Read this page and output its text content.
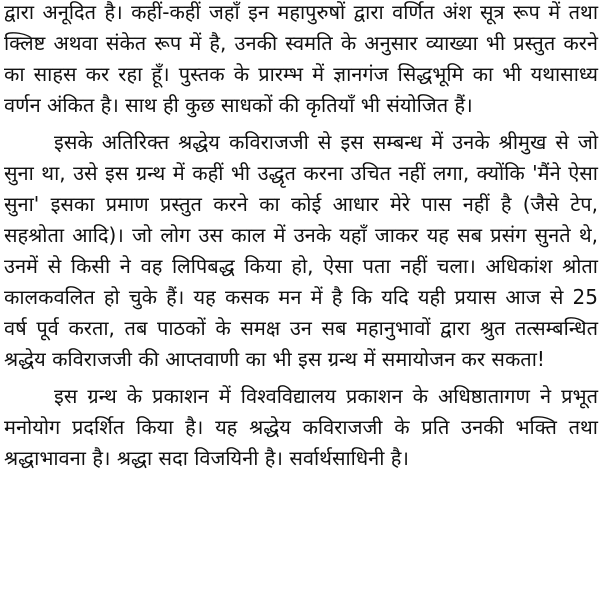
द्वारा अनूदित है। कहीं-कहीं जहाँ इन महापुरुषों द्वारा वर्णित अंश सूत्र रूप में तथा
क्लिष्ट अथवा संकेत रूप में है, उनकी स्वमति के अनुसार व्याख्या भी प्रस्तुत करने
का साहस कर रहा हूँ। पुस्तक के प्रारम्भ में ज्ञानगंज सिद्धभूमि का भी यथासाध्य
वर्णन अंकित है। साथ ही कुछ साधकों की कृतियाँ भी संयोजित हैं।
इसके अतिरिक्त श्रद्धेय कविराजजी से इस सम्बन्ध में उनके श्रीमुख से जो
सुना था, उसे इस ग्रन्थ में कहीं भी उद्धृत करना उचित नहीं लगा, क्योंकि 'मैंने ऐसा
सुना' इसका प्रमाण प्रस्तुत करने का कोई आधार मेरे पास नहीं है (जैसे टेप,
सहश्रोता आदि)। जो लोग उस काल में उनके यहाँ जाकर यह सब प्रसंग सुनते थे,
उनमें से किसी ने वह लिपिबद्ध किया हो, ऐसा पता नहीं चला। अधिकांश श्रोता
कालकवलित हो चुके हैं। यह कसक मन में है कि यदि यही प्रयास आज से 25
वर्ष पूर्व करता, तब पाठकों के समक्ष उन सब महानुभावों द्वारा श्रुत तत्सम्बन्धित
श्रद्धेय कविराजजी की आप्तवाणी का भी इस ग्रन्थ में समायोजन कर सकता!
इस ग्रन्थ के प्रकाशन में विश्वविद्यालय प्रकाशन के अधिष्ठातागण ने प्रभूत
मनोयोग प्रदर्शित किया है। यह श्रद्धेय कविराजजी के प्रति उनकी भक्ति तथा
श्रद्धाभावना है। श्रद्धा सदा विजयिनी है। सर्वार्थसाधिनी है।
